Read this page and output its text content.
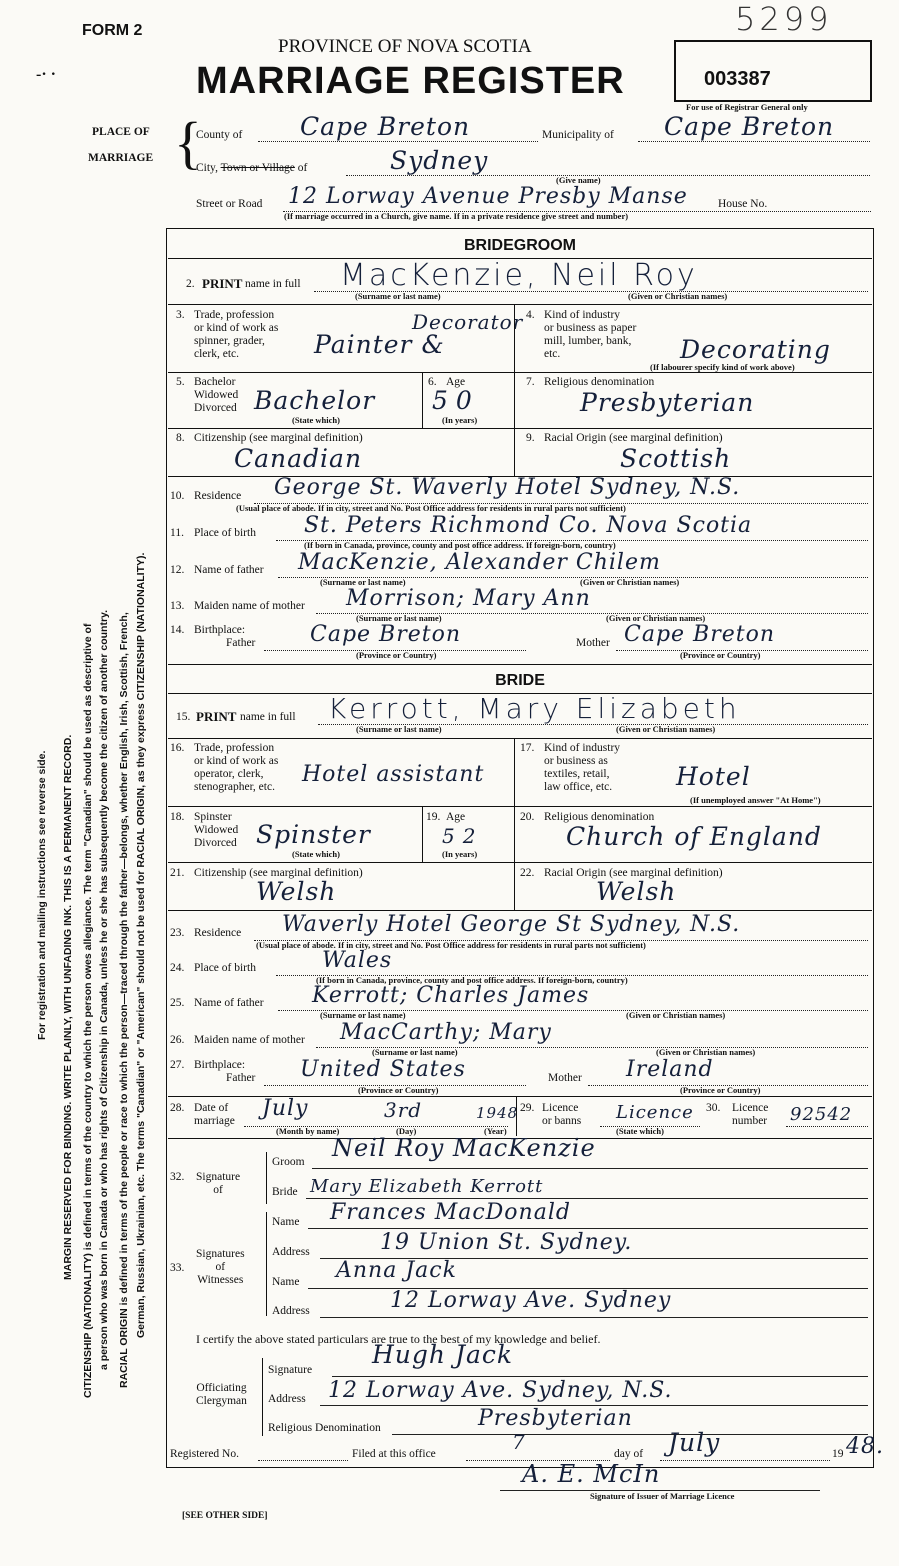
For registration and mailing instructions see reverse side. MARGIN RESERVED FOR BINDING. WRITE PLAINLY, WITH UNFADING INK. THIS IS A PERMANENT RECORD. CITIZENSHIP (NATIONALITY) is defined in terms of the country to which the person owes allegiance. The term "Canadian" should be used as descriptive of a person who was born in Canada or who has rights of Citizenship in Canada, unless he or she has subsequently become the citizen of another country. RACIAL ORIGIN is defined in terms of the people or race to which the person—traced through the father—belongs, whether English, Irish, Scottish, French, German, Russian, Ukrainian, etc. The terms "Canadian" or "American" should not be used for RACIAL ORIGIN, as they express CITIZENSHIP (NATIONALITY).
FORM 2
-· ·
PROVINCE OF NOVA SCOTIA
MARRIAGE REGISTER
5299
003387
For use of Registrar General only
PLACE OF
MARRIAGE {
County of Cape Breton	Municipality of Cape Breton
City, Town or Village of	Sydney
(Give name)
Street or Road 12 Lorway Avenue Presby Manse	House No.
(If marriage occurred in a Church, give name. If in a private residence give street and number)
BRIDEGROOM
2. PRINT name in full MacKenzie, Neil Roy
(Surname or last name)	(Given or Christian names)
3. Trade, profession
or kind of work as
spinner, grader,
clerk, etc.
Decorator
Painter &
4. Kind of industry
or business as paper
mill, lumber, bank,
etc.	Decorating
(If labourer specify kind of work above)
5. Bachelor
Widowed
Divorced Bachelor
(State which)
6. Age
50
(In years)
7. Religious denomination
Presbyterian
8. Citizenship (see marginal definition)
Canadian
9. Racial Origin (see marginal definition)
Scottish
10. Residence George St. Waverly Hotel Sydney, N.S.
(Usual place of abode. If in city, street and No. Post Office address for residents in rural parts not sufficient)
11. Place of birth St. Peters Richmond Co. Nova Scotia
(If born in Canada, province, county and post office address. If foreign-born, country)
12. Name of father MacKenzie, Alexander Chilem
(Surname or last name)	(Given or Christian names)
13. Maiden name of mother Morrison; Mary Ann
(Surname or last name)	(Given or Christian names)
14. Birthplace:
Father Cape Breton
(Province or Country)
Mother Cape Breton
(Province or Country)
BRIDE
15. PRINT name in full Kerrott, Mary Elizabeth
(Surname or last name)	(Given or Christian names)
16. Trade, profession
or kind of work as
operator, clerk,
stenographer, etc. Hotel assistant
17. Kind of industry
or business as
textiles, retail,
law office, etc.	Hotel
(If unemployed answer "At Home")
18. Spinster
Widowed
Divorced Spinster
(State which)
19. Age
52
(In years)
20. Religious denomination
Church of England
21. Citizenship (see marginal definition)
Welsh
22. Racial Origin (see marginal definition)
Welsh
23. Residence Waverly Hotel George St Sydney, N.S.
(Usual place of abode. If in city, street and No. Post Office address for residents in rural parts not sufficient)
24. Place of birth	Wales
(If born in Canada, province, county and post office address. If foreign-born, country)
25. Name of father Kerrott; Charles James
(Surname or last name)	(Given or Christian names)
26. Maiden name of mother MacCarthy; Mary
(Surname or last name)	(Given or Christian names)
27. Birthplace:
Father United States
(Province or Country)
Mother Ireland
(Province or Country)
28. Date of
marriage July	3rd	1948
(Month by name)	(Day)	(Year)
29. Licence
or banns Licence
(State which)
30. Licence
number 92542
32. Signature
of
Groom Neil Roy MacKenzie
Bride Mary Elizabeth Kerrott
33.
Signatures
of
Witnesses
Name Frances MacDonald
Address	19 Union St. Sydney.
Name Anna Jack
Address	12 Lorway Ave. Sydney
I certify the above stated particulars are true to the best of my knowledge and belief.
Officiating
Clergyman
Signature
Hugh Jack
Address 12 Lorway Ave. Sydney, N.S.
Religious Denomination	Presbyterian
Registered No.	Filed at this office	7	day of July	19 48.
A. E. McIn
Signature of Issuer of Marriage Licence
[SEE OTHER SIDE]
